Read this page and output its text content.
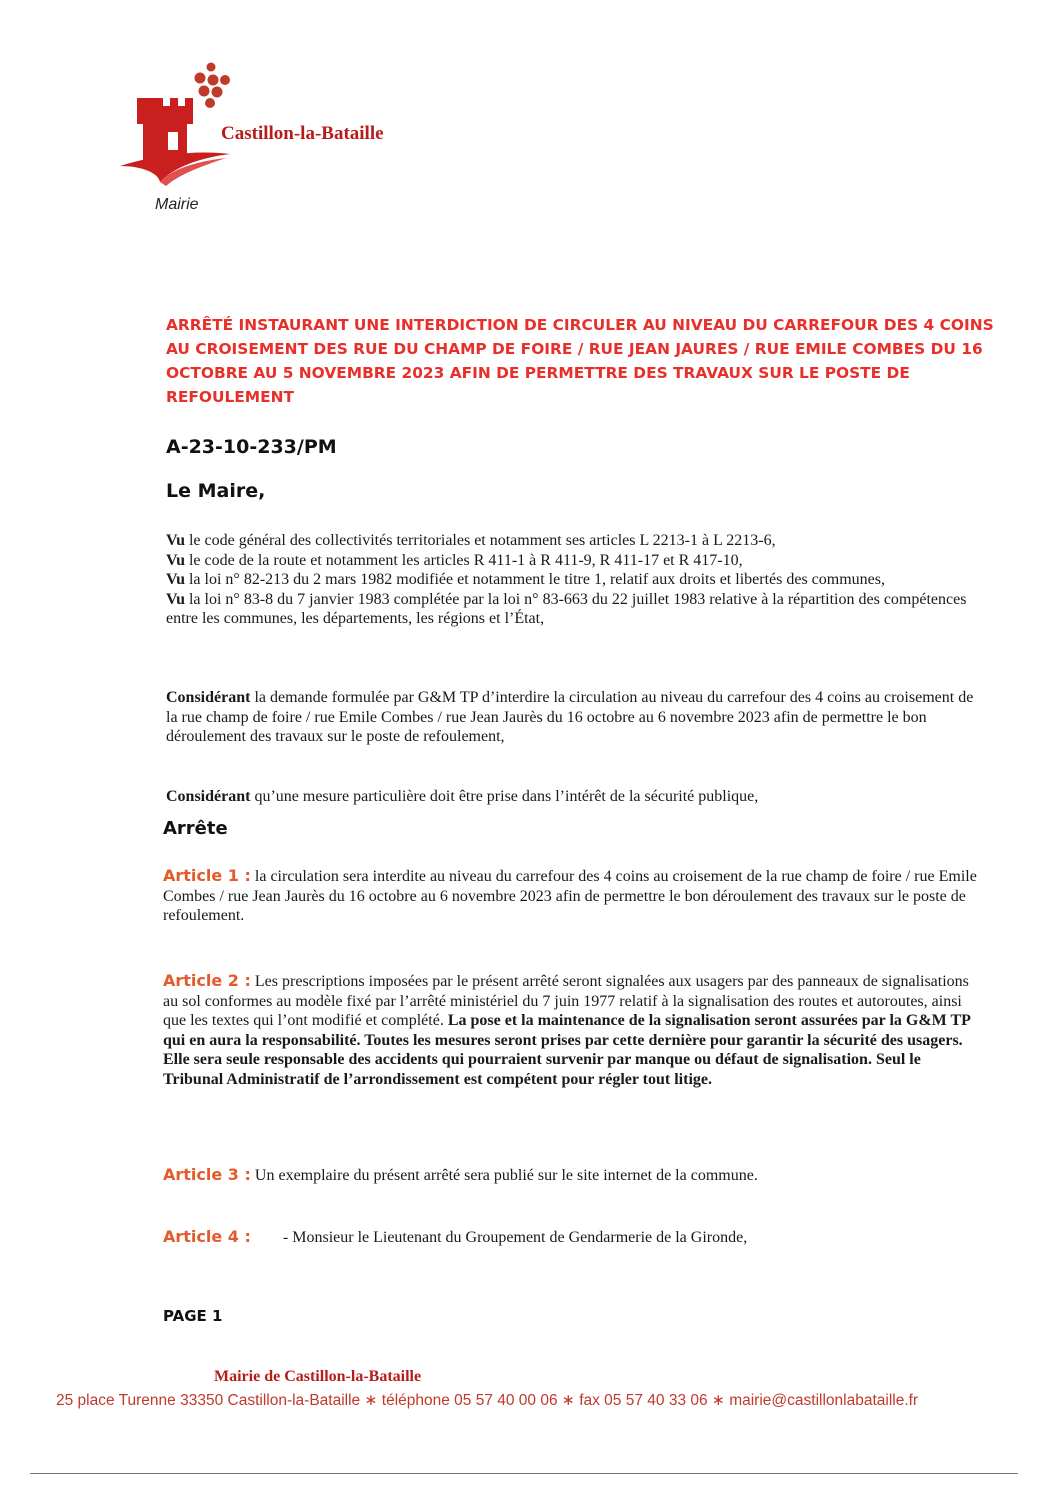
Castillon-la-Bataille
Mairie
ARRÊTÉ INSTAURANT UNE INTERDICTION DE CIRCULER AU NIVEAU DU CARREFOUR DES 4 COINS AU CROISEMENT DES RUE DU CHAMP DE FOIRE / RUE JEAN JAURES / RUE EMILE COMBES DU 16 OCTOBRE AU 5 NOVEMBRE 2023 AFIN DE PERMETTRE DES TRAVAUX SUR LE POSTE DE REFOULEMENT
A-23-10-233/PM
Le Maire,

Vu le code général des collectivités territoriales et notamment ses articles L 2213-1 à L 2213-6,

Vu le code de la route et notamment les articles R 411-1 à R 411-9, R 411-17 et R 417-10,

Vu la loi n° 82-213 du 2 mars 1982 modifiée et notamment le titre 1, relatif aux droits et libertés des communes,

Vu la loi n° 83-8 du 7 janvier 1983 complétée par la loi n° 83-663 du 22 juillet 1983 relative à la répartition des compétences entre les communes, les départements, les régions et l’État,

Considérant la demande formulée par G&M TP d’interdire la circulation au niveau du carrefour des 4 coins au croisement de la rue champ de foire / rue Emile Combes / rue Jean Jaurès du 16 octobre au 6 novembre 2023 afin de permettre le bon déroulement des travaux sur le poste de refoulement,

Considérant qu’une mesure particulière doit être prise dans l’intérêt de la sécurité publique,

Arrête

Article 1 : la circulation sera interdite au niveau du carrefour des 4 coins au croisement de la rue champ de foire / rue Emile Combes / rue Jean Jaurès du 16 octobre au 6 novembre 2023 afin de permettre le bon déroulement des travaux sur le poste de refoulement.

Article 2 : Les prescriptions imposées par le présent arrêté seront signalées aux usagers par des panneaux de signalisations au sol conformes au modèle fixé par l’arrêté ministériel du 7 juin 1977 relatif à la signalisation des routes et autoroutes, ainsi que les textes qui l’ont modifié et complété. La pose et la maintenance de la signalisation seront assurées par la G&M TP qui en aura la responsabilité. Toutes les mesures seront prises par cette dernière pour garantir la sécurité des usagers. Elle sera seule responsable des accidents qui pourraient survenir par manque ou défaut de signalisation. Seul le Tribunal Administratif de l’arrondissement est compétent pour régler tout litige.

Article 3 : Un exemplaire du présent arrêté sera publié sur le site internet de la commune.

Article 4 : - Monsieur le Lieutenant du Groupement de Gendarmerie de la Gironde,

PAGE 1
Mairie de Castillon-la-Bataille
25 place Turenne 33350 Castillon-la-Bataille ∗ téléphone 05 57 40 00 06 ∗ fax 05 57 40 33 06 ∗ mairie@castillonlabataille.fr
